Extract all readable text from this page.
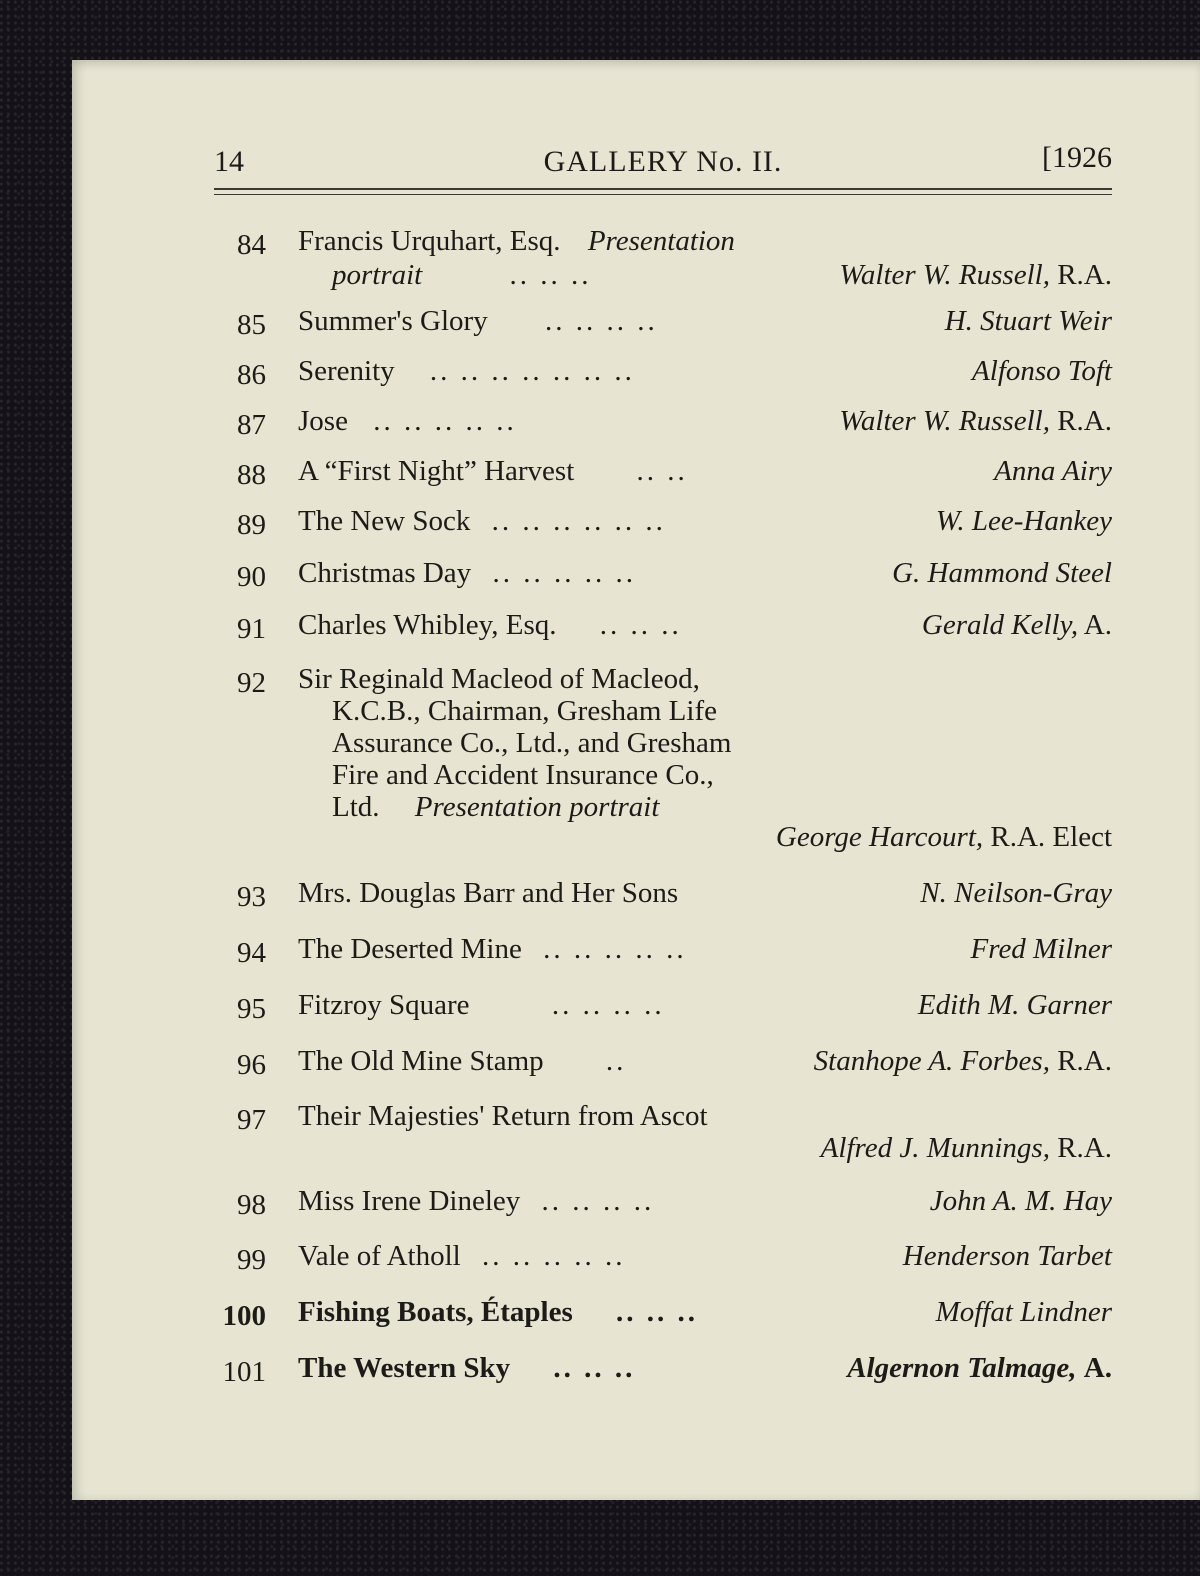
14	GALLERY No. II.	[1926
84 Francis Urquhart, Esq. Presentation
portrait	.. .. ..	Walter W. Russell, R.A.
85 Summer's Glory .. .. .. ..	H. Stuart Weir
86 Serenity .. .. .. .. .. .. ..	Alfonso Toft
87 Jose .. .. .. .. ..	Walter W. Russell, R.A.
88 A “First Night” Harvest .. ..	Anna Airy
89 The New Sock .. .. .. .. .. ..	W. Lee-Hankey
90 Christmas Day .. .. .. .. ..	G. Hammond Steel
91 Charles Whibley, Esq. .. .. ..	Gerald Kelly, A.
92 Sir Reginald Macleod of Macleod,
K.C.B., Chairman, Gresham Life
Assurance Co., Ltd., and Gresham
Fire and Accident Insurance Co.,
Ltd. Presentation portrait
George Harcourt, R.A. Elect
93 Mrs. Douglas Barr and Her Sons	N. Neilson-Gray
94 The Deserted Mine .. .. .. .. ..	Fred Milner
95 Fitzroy Square	.. .. .. ..	Edith M. Garner
96 The Old Mine Stamp ..	Stanhope A. Forbes, R.A.
97 Their Majesties' Return from Ascot
Alfred J. Munnings, R.A.
98 Miss Irene Dineley .. .. .. ..	John A. M. Hay
99 Vale of Atholl .. .. .. .. ..	Henderson Tarbet
100 Fishing Boats, Étaples .. .. ..	Moffat Lindner
101 The Western Sky .. .. ..	Algernon Talmage, A.
